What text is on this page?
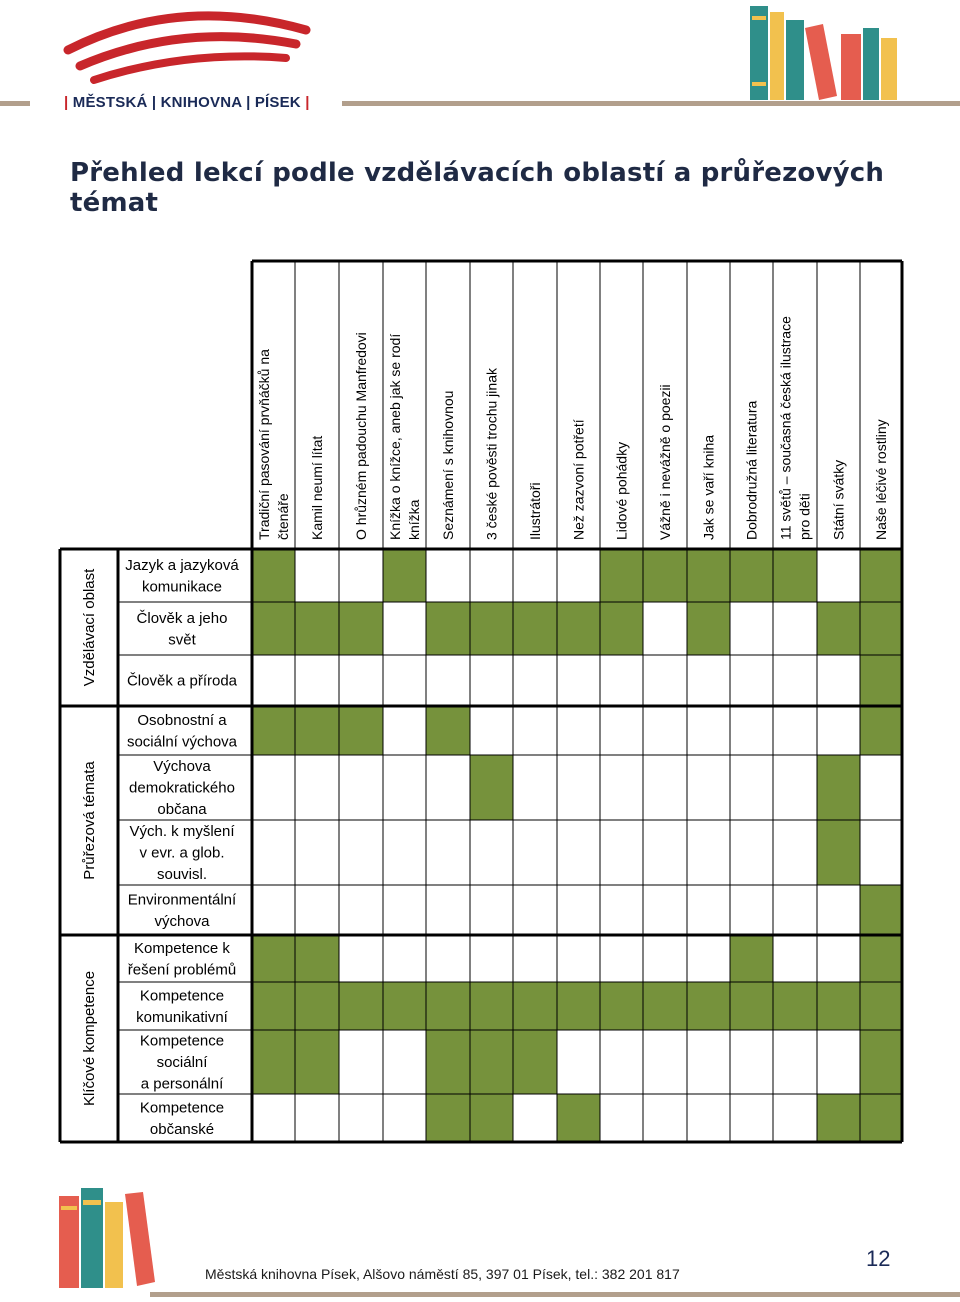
| MĚSTSKÁ | KNIHOVNA | PÍSEK |
Přehled lekcí podle vzdělávacích oblastí a průřezových témat
Tradiční pasování prvňáčků na čtenáře Kamil neumí lítat O hrůzném padouchu Manfredovi Knížka o knížce, aneb jak se rodí knížka Seznámení s knihovnou 3 české pověsti trochu jinak Ilustrátoři Než zazvoní potřetí Lidové pohádky Vážně i nevážně o poezii Jak se vaří kniha Dobrodružná literatura 11 světů – současná česká ilustrace pro děti Státní svátky Naše léčivé rostliny
Jazyk a jazyková komunikace
Člověk a jeho svět
Člověk a příroda
Osobnostní a sociální výchova
Výchova demokratického občana
Vých. k myšlení v evr. a glob. souvisl.
Environmentální výchova
Kompetence k řešení problémů
Kompetence komunikativní
Kompetence sociální a personální
Kompetence občanské
Vzdělávací oblast
Průřezová témata
Klíčové kompetence
Městská knihovna Písek, Alšovo náměstí 85, 397 01 Písek, tel.: 382 201 817
12
